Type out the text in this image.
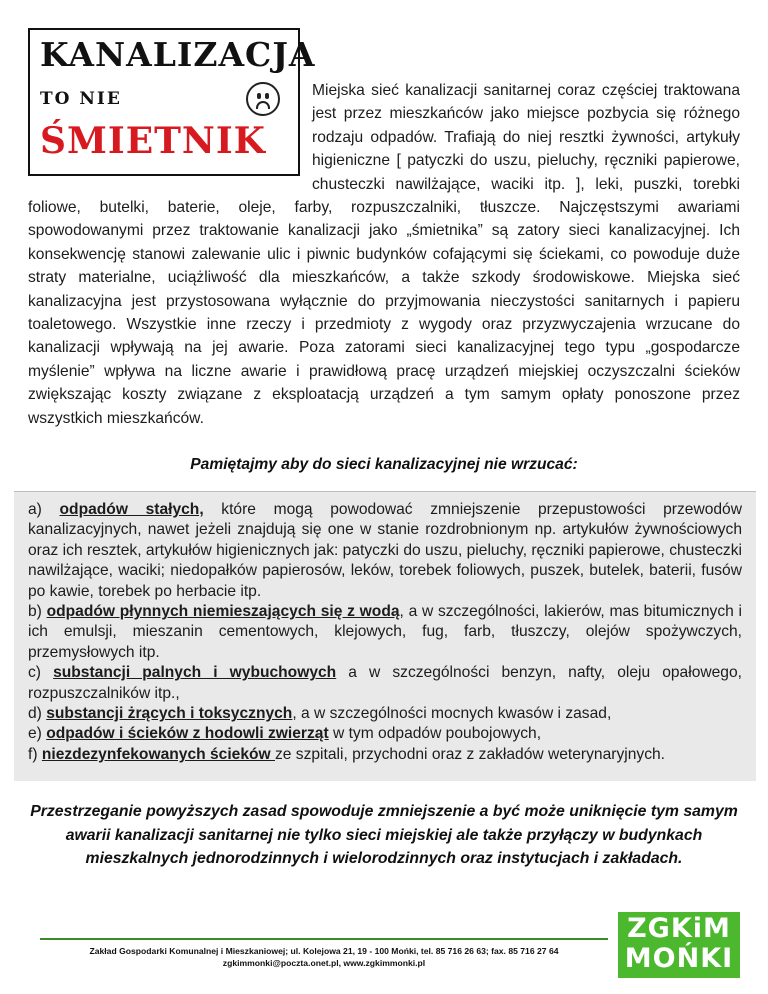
KANALIZACJA
TO NIE
ŚMIETNIK
Miejska sieć kanalizacji sanitarnej coraz częściej traktowana jest przez mieszkańców jako miejsce pozbycia się różnego rodzaju odpadów. Trafiają do niej resztki żywności, artykuły higieniczne [ patyczki do uszu, pieluchy, ręczniki papierowe, chusteczki nawilżające, waciki itp. ], leki, puszki, torebki foliowe, butelki, baterie, oleje, farby, rozpuszczalniki, tłuszcze. Najczęstszymi awariami spowodowanymi przez traktowanie kanalizacji jako „śmietnika” są zatory sieci kanalizacyjnej. Ich konsekwencję stanowi zalewanie ulic i piwnic budynków cofającymi się ściekami, co powoduje duże straty materialne, uciążliwość dla mieszkańców, a także szkody środowiskowe. Miejska sieć kanalizacyjna jest przystosowana wyłącznie do przyjmowania nieczystości sanitarnych i papieru toaletowego. Wszystkie inne rzeczy i przedmioty z wygody oraz przyzwyczajenia wrzucane do kanalizacji wpływają na jej awarie. Poza zatorami sieci kanalizacyjnej tego typu „gospodarcze myślenie” wpływa na liczne awarie i prawidłową pracę urządzeń miejskiej oczyszczalni ścieków zwiększając koszty związane z eksploatacją urządzeń a tym samym opłaty ponoszone przez wszystkich mieszkańców.
Pamiętajmy aby do sieci kanalizacyjnej nie wrzucać:

a) odpadów stałych, które mogą powodować zmniejszenie przepustowości przewodów kanalizacyjnych, nawet jeżeli znajdują się one w stanie rozdrobnionym np. artykułów żywnościowych oraz ich resztek, artykułów higienicznych jak: patyczki do uszu, pieluchy, ręczniki papierowe, chusteczki nawilżające, waciki; niedopałków papierosów, leków, torebek foliowych, puszek, butelek, baterii, fusów po kawie, torebek po herbacie itp.

b) odpadów płynnych niemieszających się z wodą, a w szczególności, lakierów, mas bitumicznych i ich emulsji, mieszanin cementowych, klejowych, fug, farb, tłuszczy, olejów spożywczych, przemysłowych itp.

c) substancji palnych i wybuchowych a w szczególności benzyn, nafty, oleju opałowego, rozpuszczalników itp.,

d) substancji żrących i toksycznych, a w szczególności mocnych kwasów i zasad,

e) odpadów i ścieków z hodowli zwierząt w tym odpadów poubojowych,

f) niezdezynfekowanych ścieków ze szpitali, przychodni oraz z zakładów weterynaryjnych.

Przestrzeganie powyższych zasad spowoduje zmniejszenie a być może uniknięcie tym samym awarii kanalizacji sanitarnej nie tylko sieci miejskiej ale także przyłączy w budynkach mieszkalnych jednorodzinnych i wielorodzinnych oraz instytucjach i zakładach.
Zakład Gospodarki Komunalnej i Mieszkaniowej; ul. Kolejowa 21, 19 - 100 Mońki, tel. 85 716 26 63; fax. 85 716 27 64
zgkimmonki@poczta.onet.pl, www.zgkimmonki.pl
ZGKiM
MOŃKI
